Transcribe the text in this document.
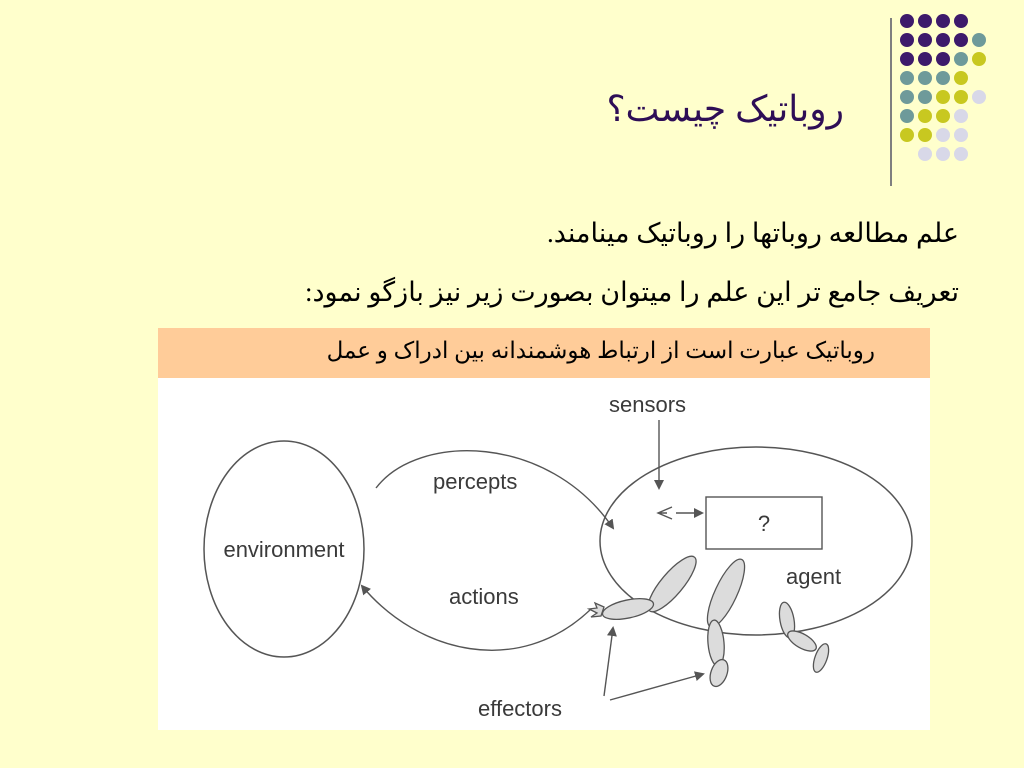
روباتیک چیست؟
علم مطالعه روباتها را روباتیک مینامند.
تعریف جامع تر این علم را میتوان بصورت زیر نیز بازگو نمود:
روباتیک عبارت است از ارتباط هوشمندانه بین ادراک و عمل
environment
agent
percepts
actions
sensors
?
effectors
